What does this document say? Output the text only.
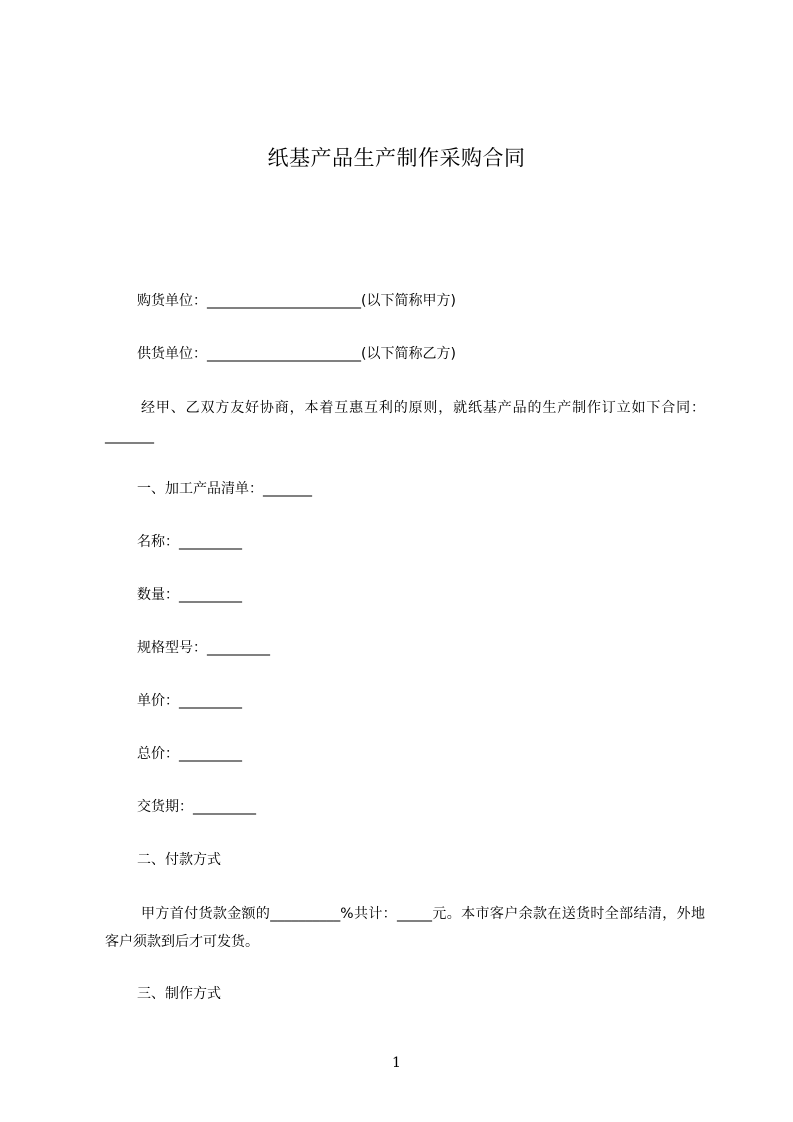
纸基产品生产制作采购合同
购货单位：______________________(以下简称甲方)
供货单位：______________________(以下简称乙方)
经甲、乙双方友好协商，本着互惠互利的原则，就纸基产品的生产制作订立如下合同：_______
一、加工产品清单：_______
名称：_________
数量：_________
规格型号：_________
单价：_________
总价：_________
交货期：_________
二、付款方式
甲方首付货款金额的__________%共计：_____元。本市客户余款在送货时全部结清，外地客户须款到后才可发货。
三、制作方式
1
